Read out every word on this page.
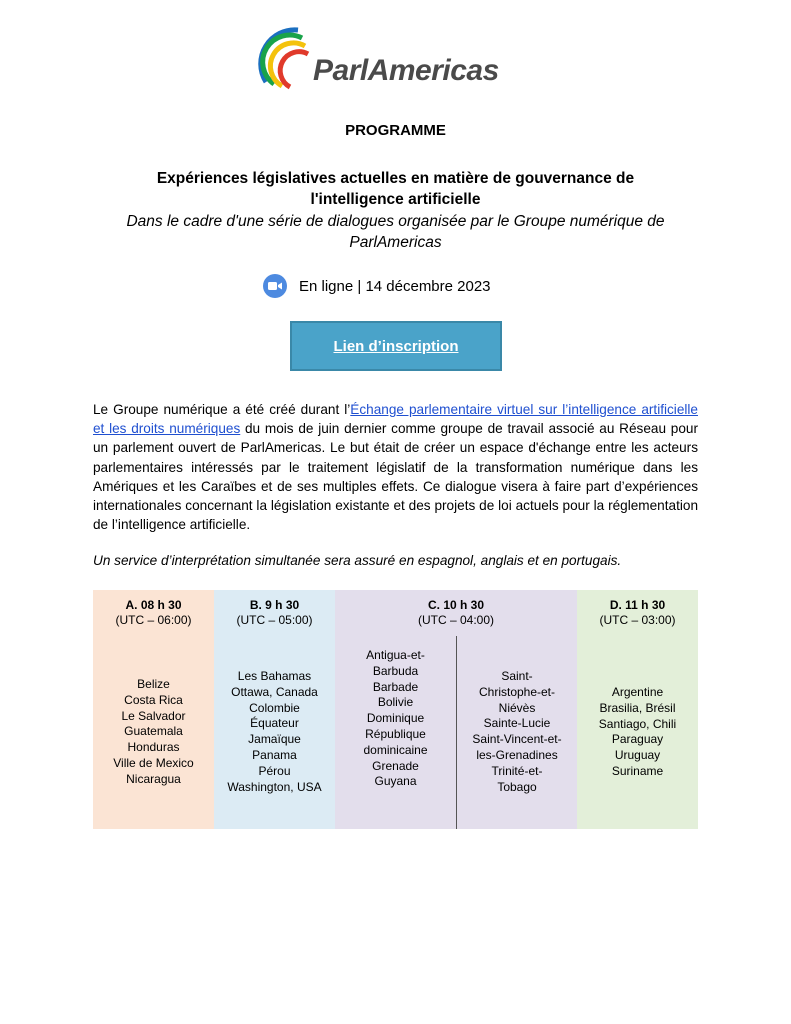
ParlAmericas
PROGRAMME
Expériences législatives actuelles en matière de gouvernance de l'intelligence artificielle
Dans le cadre d'une série de dialogues organisée par le Groupe numérique de ParlAmericas
En ligne | 14 décembre 2023
Lien d’inscription
Le Groupe numérique a été créé durant l’Échange parlementaire virtuel sur l’intelligence artificielle et les droits numériques du mois de juin dernier comme groupe de travail associé au Réseau pour un parlement ouvert de ParlAmericas. Le but était de créer un espace d'échange entre les acteurs parlementaires intéressés par le traitement législatif de la transformation numérique dans les Amériques et les Caraïbes et de ses multiples effets. Ce dialogue visera à faire part d’expériences internationales concernant la législation existante et des projets de loi actuels pour la réglementation de l’intelligence artificielle.
Un service d’interprétation simultanée sera assuré en espagnol, anglais et en portugais.
A. 08 h 30
(UTC – 06:00)
Belize
Costa Rica
Le Salvador
Guatemala
Honduras
Ville de Mexico
Nicaragua
B. 9 h 30
(UTC – 05:00)
Les Bahamas
Ottawa, Canada
Colombie
Équateur
Jamaïque
Panama
Pérou
Washington, USA
C. 10 h 30
(UTC – 04:00)
Antigua-et-
Barbuda
Barbade
Bolivie
Dominique
République
dominicaine
Grenade
Guyana
Saint-
Christophe-et-
Niévès
Sainte-Lucie
Saint-Vincent-et-
les-Grenadines
Trinité-et-
Tobago
D. 11 h 30
(UTC – 03:00)
Argentine
Brasilia, Brésil
Santiago, Chili
Paraguay
Uruguay
Suriname
